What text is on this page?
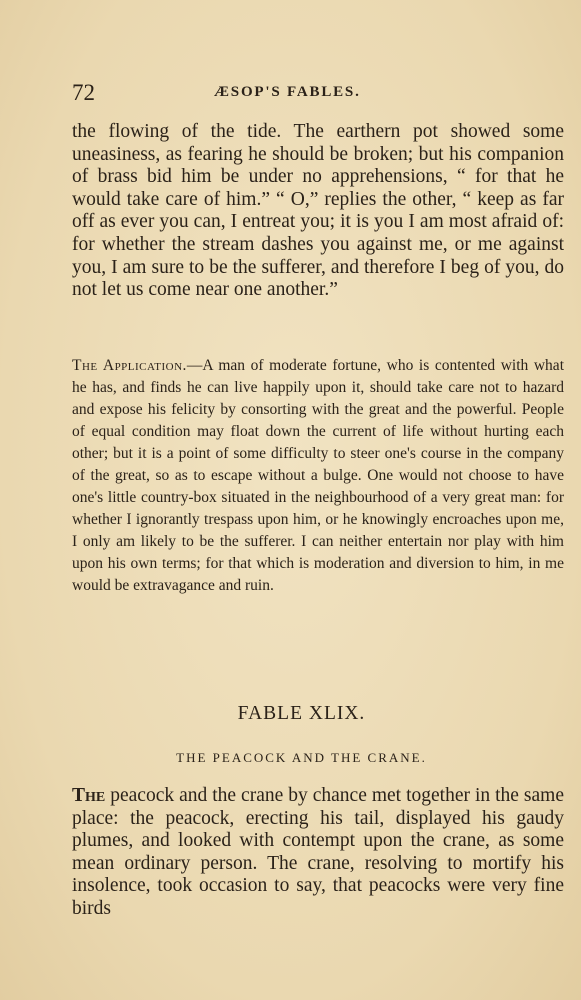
72	ÆSOP'S FABLES.

the flowing of the tide. The earthern pot showed some uneasiness, as fearing he should be broken; but his companion of brass bid him be under no apprehensions, “ for that he would take care of him.” “ O,” replies the other, “ keep as far off as ever you can, I entreat you; it is you I am most afraid of: for whether the stream dashes you against me, or me against you, I am sure to be the sufferer, and therefore I beg of you, do not let us come near one another.”

The Application.—A man of moderate fortune, who is contented with what he has, and finds he can live happily upon it, should take care not to hazard and expose his felicity by consorting with the great and the powerful. People of equal condition may float down the current of life without hurting each other; but it is a point of some difficulty to steer one's course in the company of the great, so as to escape without a bulge. One would not choose to have one's little country-box situated in the neighbourhood of a very great man: for whether I ignorantly trespass upon him, or he knowingly encroaches upon me, I only am likely to be the sufferer. I can neither entertain nor play with him upon his own terms; for that which is moderation and diversion to him, in me would be extravagance and ruin.

FABLE XLIX.
THE PEACOCK AND THE CRANE.

The peacock and the crane by chance met together in the same place: the peacock, erecting his tail, displayed his gaudy plumes, and looked with contempt upon the crane, as some mean ordinary person. The crane, resolving to mortify his insolence, took occasion to say, that peacocks were very fine birds
